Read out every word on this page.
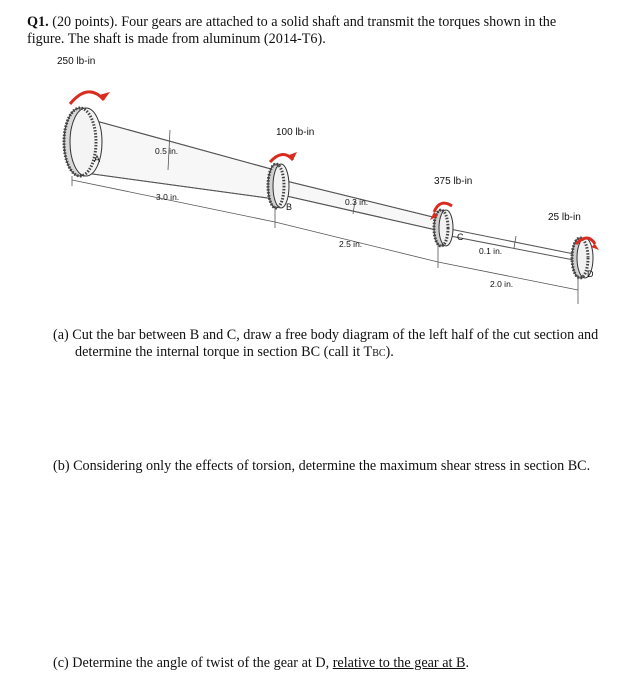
Q1. (20 points). Four gears are attached to a solid shaft and transmit the torques shown in the
figure. The shaft is made from aluminum (2014-T6).
250 lb-in
100 lb-in
375 lb-in
25 lb-in
A
B
C
D
0.5 in.
0.3 in.
0.1 in.
3.0 in.
2.5 in.
2.0 in.
(a) Cut the bar between B and C, draw a free body diagram of the left half of the cut section and
determine the internal torque in section BC (call it TBC).
(b) Considering only the effects of torsion, determine the maximum shear stress in section BC.
(c) Determine the angle of twist of the gear at D, relative to the gear at B.
